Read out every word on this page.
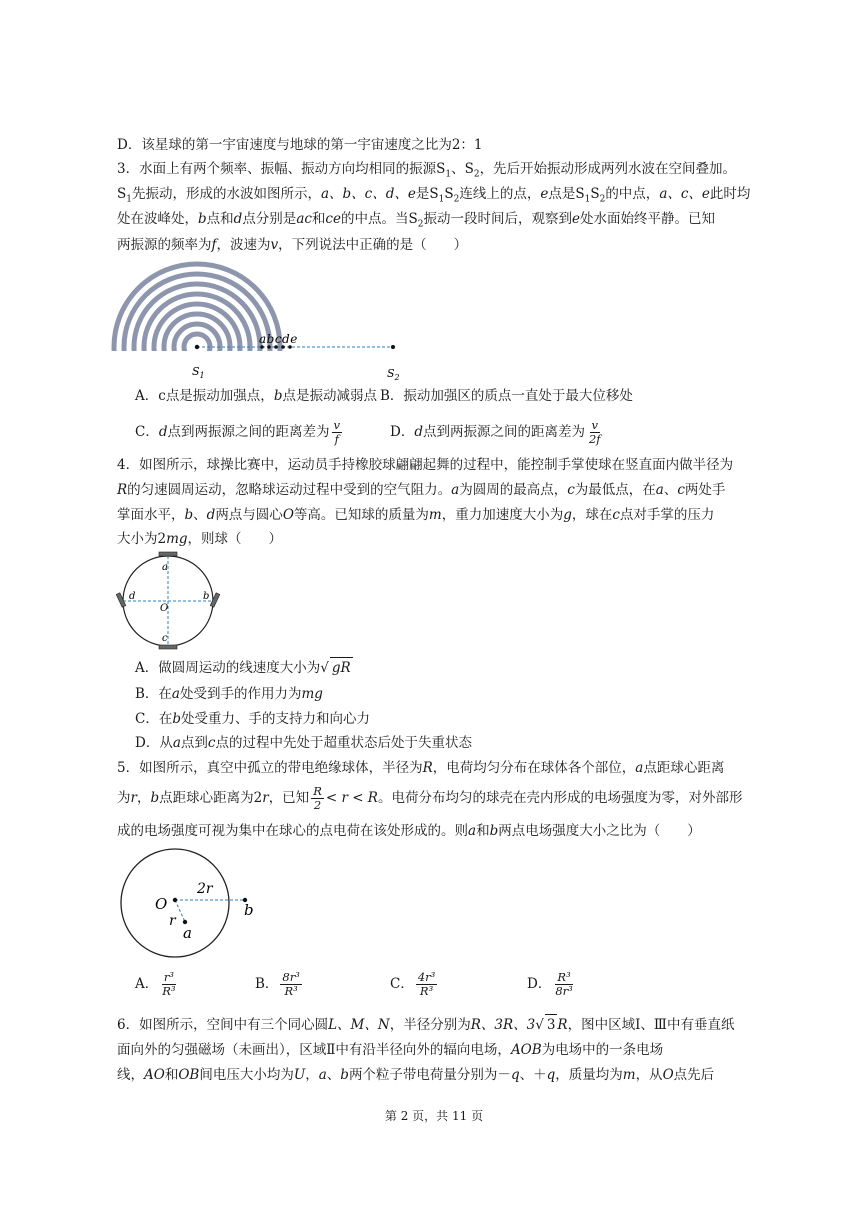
D．该星球的第一宇宙速度与地球的第一宇宙速度之比为2：1
3．水面上有两个频率、振幅、振动方向均相同的振源$S_1$、$S_2$，先后开始振动形成两列水波在空间叠加。
$S_1$先振动，形成的水波如图所示，a、b、c、d、e是$S_1S_2$连线上的点，e点是$S_1S_2$的中点，a、c、e此时均
处在波峰处，b点和d点分别是ac和ce的中点。当$S_2$振动一段时间后，观察到e处水面始终平静。已知
两振源的频率为f，波速为v，下列说法中正确的是（　　）
abcde
$S_1$	$S_2$
A．c点是振动加强点，b点是振动减弱点 B．振动加强区的质点一直处于最大位移处
C． d 点到两振源之间的距离差为 $\frac{v}{f}$	D． d 点到两振源之间的距离差为 $\frac{v}{2f}$
4．如图所示，球操比赛中，运动员手持橡胶球翩翩起舞的过程中，能控制手掌使球在竖直面内做半径为
R的匀速圆周运动，忽略球运动过程中受到的空气阻力。a为圆周的最高点，c为最低点，在a、c两处手
掌面水平，b、d两点与圆心O等高。已知球的质量为m，重力加速度大小为g，球在c点对手掌的压力
大小为2mg，则球（　　）
a
d	b
O
c
A．做圆周运动的线速度大小为√ gR
B．在a处受到手的作用力为mg
C．在b处受重力、手的支持力和向心力
D．从a点到c点的过程中先处于超重状态后处于失重状态
5．如图所示，真空中孤立的带电绝缘球体，半径为R，电荷均匀分布在球体各个部位，a点距球心距离
为 r ， b 点距球心距离为2 r ，已知 $\frac{R}{2} < r < R$ 。电荷分布均匀的球壳在壳内形成的电场强度为零，对外部形
成的电场强度可视为集中在球心的点电荷在该处形成的。则a和b两点电场强度大小之比为（　　）
O
2r
b
r
a
A． $\frac{\text{r³}}{\text{R³}}$	B． $\frac{\text{8r³}}{\text{R³}}$	C． $\frac{\text{4r³}}{\text{R³}}$	D． $\frac{\text{R³}}{\text{8r³}}$
6．如图所示，空间中有三个同心圆L、M、N，半径分别为R、3R、3√ 3 R，图中区域Ⅰ、Ⅲ中有垂直纸
面向外的匀强磁场（未画出），区域Ⅱ中有沿半径向外的辐向电场，AOB为电场中的一条电场
线，AO和OB间电压大小均为U，a、b两个粒子带电荷量分别为－q、＋q，质量均为m，从O点先后
第 2 页，共 11 页
